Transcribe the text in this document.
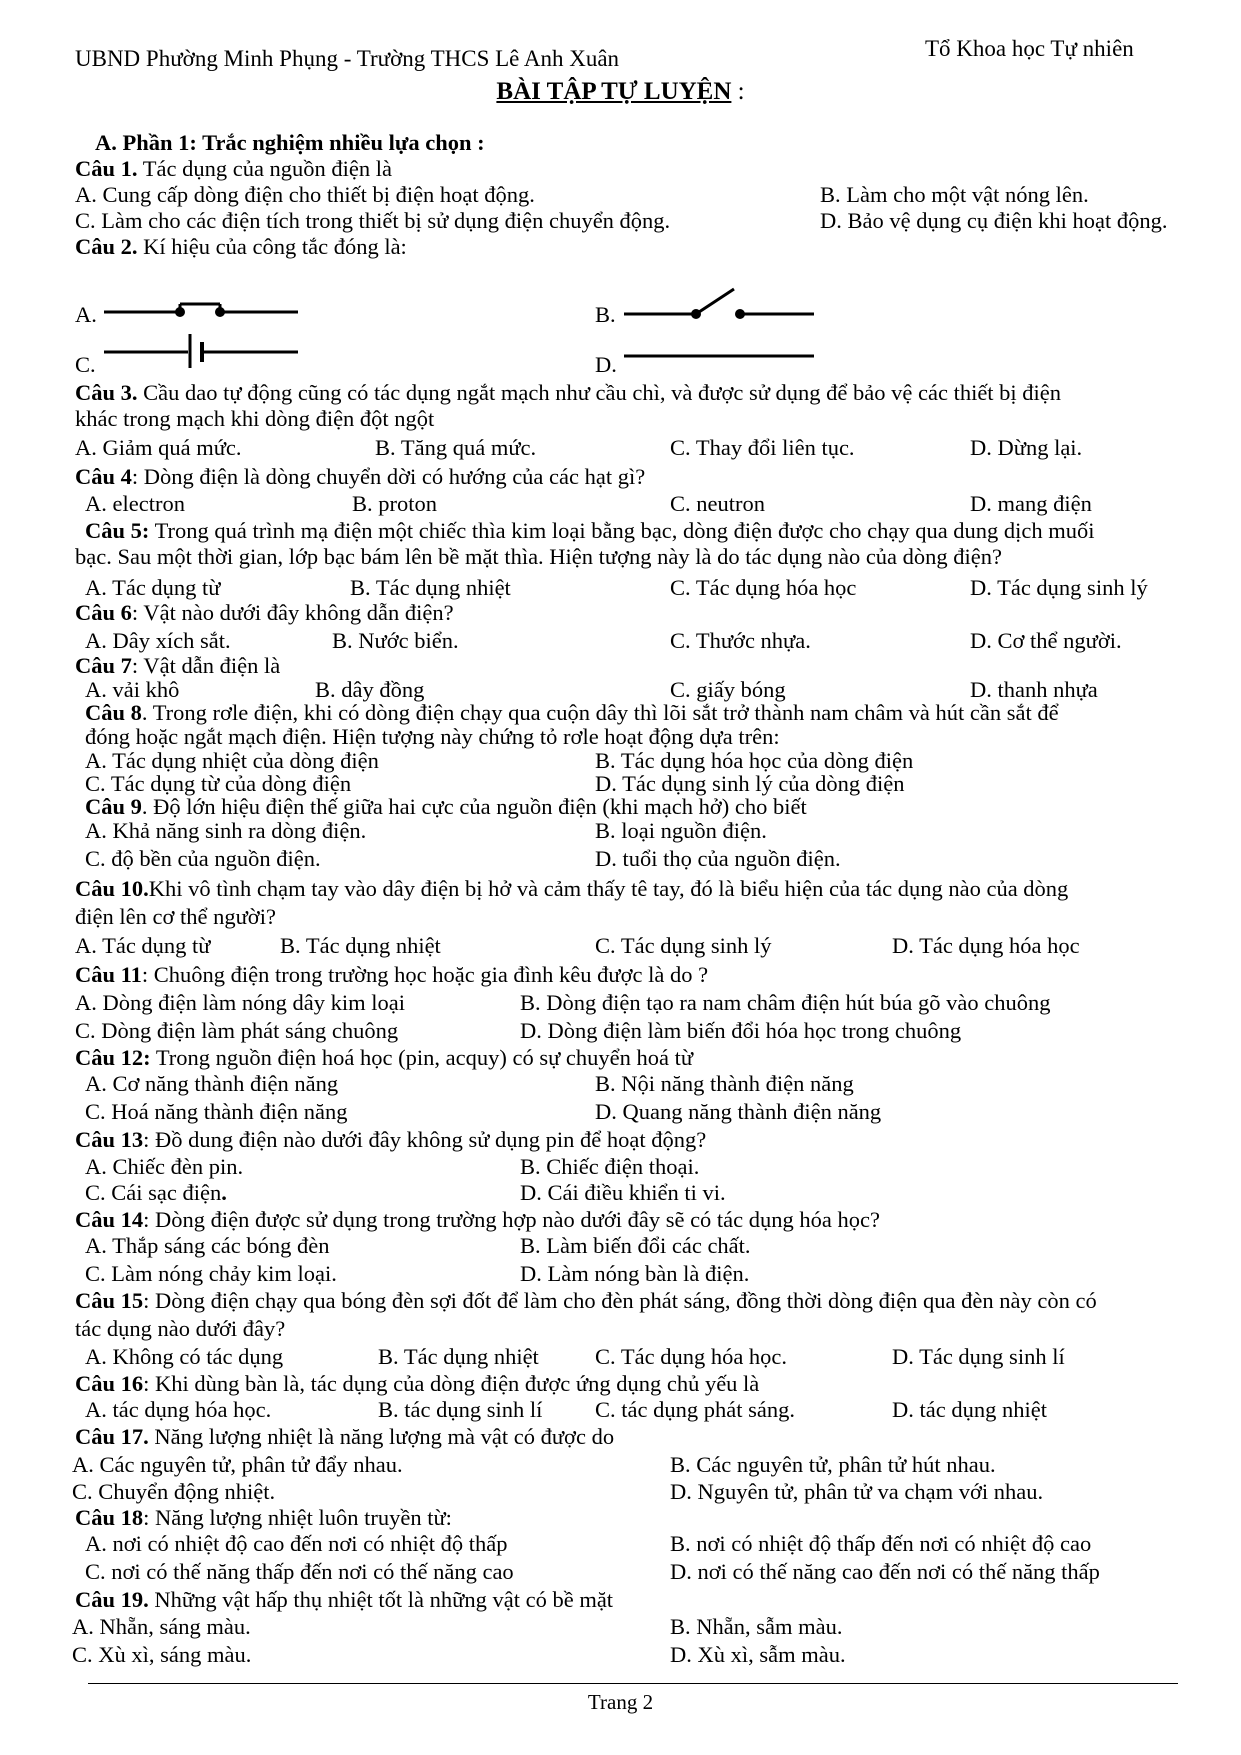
UBND Phường Minh Phụng - Trường THCS Lê Anh Xuân	Tổ Khoa học Tự nhiên
BÀI TẬP TỰ LUYỆN :
A. Phần 1: Trắc nghiệm nhiều lựa chọn :
Câu 1. Tác dụng của nguồn điện là
A. Cung cấp dòng điện cho thiết bị điện hoạt động.	B. Làm cho một vật nóng lên.
C. Làm cho các điện tích trong thiết bị sử dụng điện chuyển động.	D. Bảo vệ dụng cụ điện khi hoạt động.
Câu 2. Kí hiệu của công tắc đóng là:
A.	B.
C.	D.
Câu 3. Cầu dao tự động cũng có tác dụng ngắt mạch như cầu chì, và được sử dụng để bảo vệ các thiết bị điện
khác trong mạch khi dòng điện đột ngột
A. Giảm quá mức.	B. Tăng quá mức.	C. Thay đổi liên tục.	D. Dừng lại.
Câu 4: Dòng điện là dòng chuyển dời có hướng của các hạt gì?
A. electron	B. proton	C. neutron	D. mang điện
Câu 5: Trong quá trình mạ điện một chiếc thìa kim loại bằng bạc, dòng điện được cho chạy qua dung dịch muối
bạc. Sau một thời gian, lớp bạc bám lên bề mặt thìa. Hiện tượng này là do tác dụng nào của dòng điện?
A. Tác dụng từ	B. Tác dụng nhiệt	C. Tác dụng hóa học	D. Tác dụng sinh lý
Câu 6: Vật nào dưới đây không dẫn điện?
A. Dây xích sắt.	B. Nước biển.	C. Thước nhựa.	D. Cơ thể người.
Câu 7: Vật dẫn điện là
A. vải khô	B. dây đồng	C. giấy bóng	D. thanh nhựa
Câu 8. Trong rơle điện, khi có dòng điện chạy qua cuộn dây thì lõi sắt trở thành nam châm và hút cần sắt để
đóng hoặc ngắt mạch điện. Hiện tượng này chứng tỏ rơle hoạt động dựa trên:
A. Tác dụng nhiệt của dòng điện	B. Tác dụng hóa học của dòng điện
C. Tác dụng từ của dòng điện	D. Tác dụng sinh lý của dòng điện
Câu 9. Độ lớn hiệu điện thế giữa hai cực của nguồn điện (khi mạch hở) cho biết
A. Khả năng sinh ra dòng điện.	B. loại nguồn điện.
C. độ bền của nguồn điện.	D. tuổi thọ của nguồn điện.
Câu 10.Khi vô tình chạm tay vào dây điện bị hở và cảm thấy tê tay, đó là biểu hiện của tác dụng nào của dòng
điện lên cơ thể người?
A. Tác dụng từ	B. Tác dụng nhiệt	C. Tác dụng sinh lý	D. Tác dụng hóa học
Câu 11: Chuông điện trong trường học hoặc gia đình kêu được là do ?
A. Dòng điện làm nóng dây kim loại	B. Dòng điện tạo ra nam châm điện hút búa gõ vào chuông
C. Dòng điện làm phát sáng chuông	D. Dòng điện làm biến đổi hóa học trong chuông
Câu 12: Trong nguồn điện hoá học (pin, acquy) có sự chuyển hoá từ
A. Cơ năng thành điện năng	B. Nội năng thành điện năng
C. Hoá năng thành điện năng	D. Quang năng thành điện năng
Câu 13: Đồ dung điện nào dưới đây không sử dụng pin để hoạt động?
A. Chiếc đèn pin.	B. Chiếc điện thoại.
C. Cái sạc điện.	D. Cái điều khiển ti vi.
Câu 14: Dòng điện được sử dụng trong trường hợp nào dưới đây sẽ có tác dụng hóa học?
A. Thắp sáng các bóng đèn	B. Làm biến đổi các chất.
C. Làm nóng chảy kim loại.	D. Làm nóng bàn là điện.
Câu 15: Dòng điện chạy qua bóng đèn sợi đốt để làm cho đèn phát sáng, đồng thời dòng điện qua đèn này còn có
tác dụng nào dưới đây?
A. Không có tác dụng	B. Tác dụng nhiệt C. Tác dụng hóa học.	D. Tác dụng sinh lí
Câu 16: Khi dùng bàn là, tác dụng của dòng điện được ứng dụng chủ yếu là
A. tác dụng hóa học.	B. tác dụng sinh lí C. tác dụng phát sáng.	D. tác dụng nhiệt
Câu 17. Năng lượng nhiệt là năng lượng mà vật có được do
A. Các nguyên tử, phân tử đẩy nhau.	B. Các nguyên tử, phân tử hút nhau.
C. Chuyển động nhiệt.	D. Nguyên tử, phân tử va chạm với nhau.
Câu 18: Năng lượng nhiệt luôn truyền từ:
A. nơi có nhiệt độ cao đến nơi có nhiệt độ thấp	B. nơi có nhiệt độ thấp đến nơi có nhiệt độ cao
C. nơi có thế năng thấp đến nơi có thế năng cao	D. nơi có thế năng cao đến nơi có thế năng thấp
Câu 19. Những vật hấp thụ nhiệt tốt là những vật có bề mặt
A. Nhẵn, sáng màu.	B. Nhẵn, sẫm màu.
C. Xù xì, sáng màu.	D. Xù xì, sẫm màu.
Trang 2
